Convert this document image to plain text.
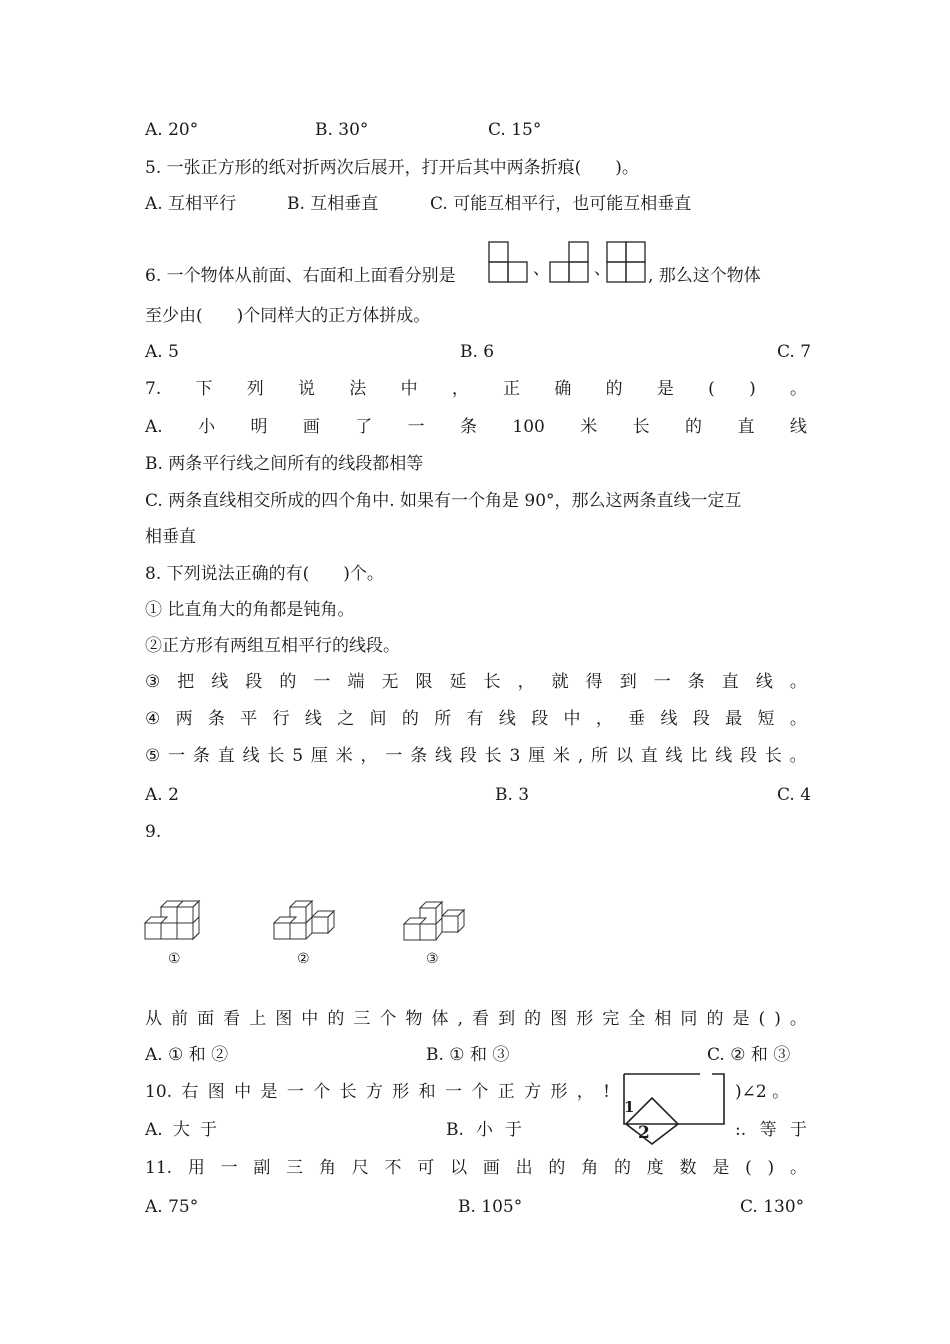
A. 20°	B. 30°	C. 15°
5. 一张正方形的纸对折两次后展开，打开后其中两条折痕(　　)。
A. 互相平行	B. 互相垂直	C. 可能互相平行，也可能互相垂直
6. 一个物体从前面、右面和上面看分别是	、	、 , 那么这个物体
至少由(　　)个同样大的正方体拼成。
A. 5	B. 6	C. 7
7. 下 列 说 法 中 ， 正 确 的 是 ( ) 。
A. 小 明 画 了 一 条 100 米 长 的 直 线
B. 两条平行线之间所有的线段都相等
C. 两条直线相交所成的四个角中. 如果有一个角是 90°，那么这两条直线一定互
相垂直
8. 下列说法正确的有(　　)个。
① 比直角大的角都是钝角。
②正方形有两组互相平行的线段。
③ 把 线 段 的 一 端 无 限 延 长 ， 就 得 到 一 条 直 线 。
④ 两 条 平 行 线 之 间 的 所 有 线 段 中 ， 垂 线 段 最 短 。
⑤ 一 条 直 线 长 5 厘 米 ， 一 条 线 段 长 3 厘 米 , 所 以 直 线 比 线 段 长 。
A. 2	B. 3	C. 4
9.
①	②	③
从 前 面 看 上 图 中 的 三 个 物 体 , 看 到 的 图 形 完 全 相 同 的 是 ( ) 。
A. ① 和 ②	B. ① 和 ③	C. ② 和 ③
10. 右 图 中 是 一 个 长 方 形 和 一 个 正 方 形 ， !	)∠2 。
A. 大 于	B. 小 于	:. 等 于
1
2
11. 用 一 副 三 角 尺 不 可 以 画 出 的 角 的 度 数 是 ( ) 。
A. 75°	B. 105°	C. 130°
